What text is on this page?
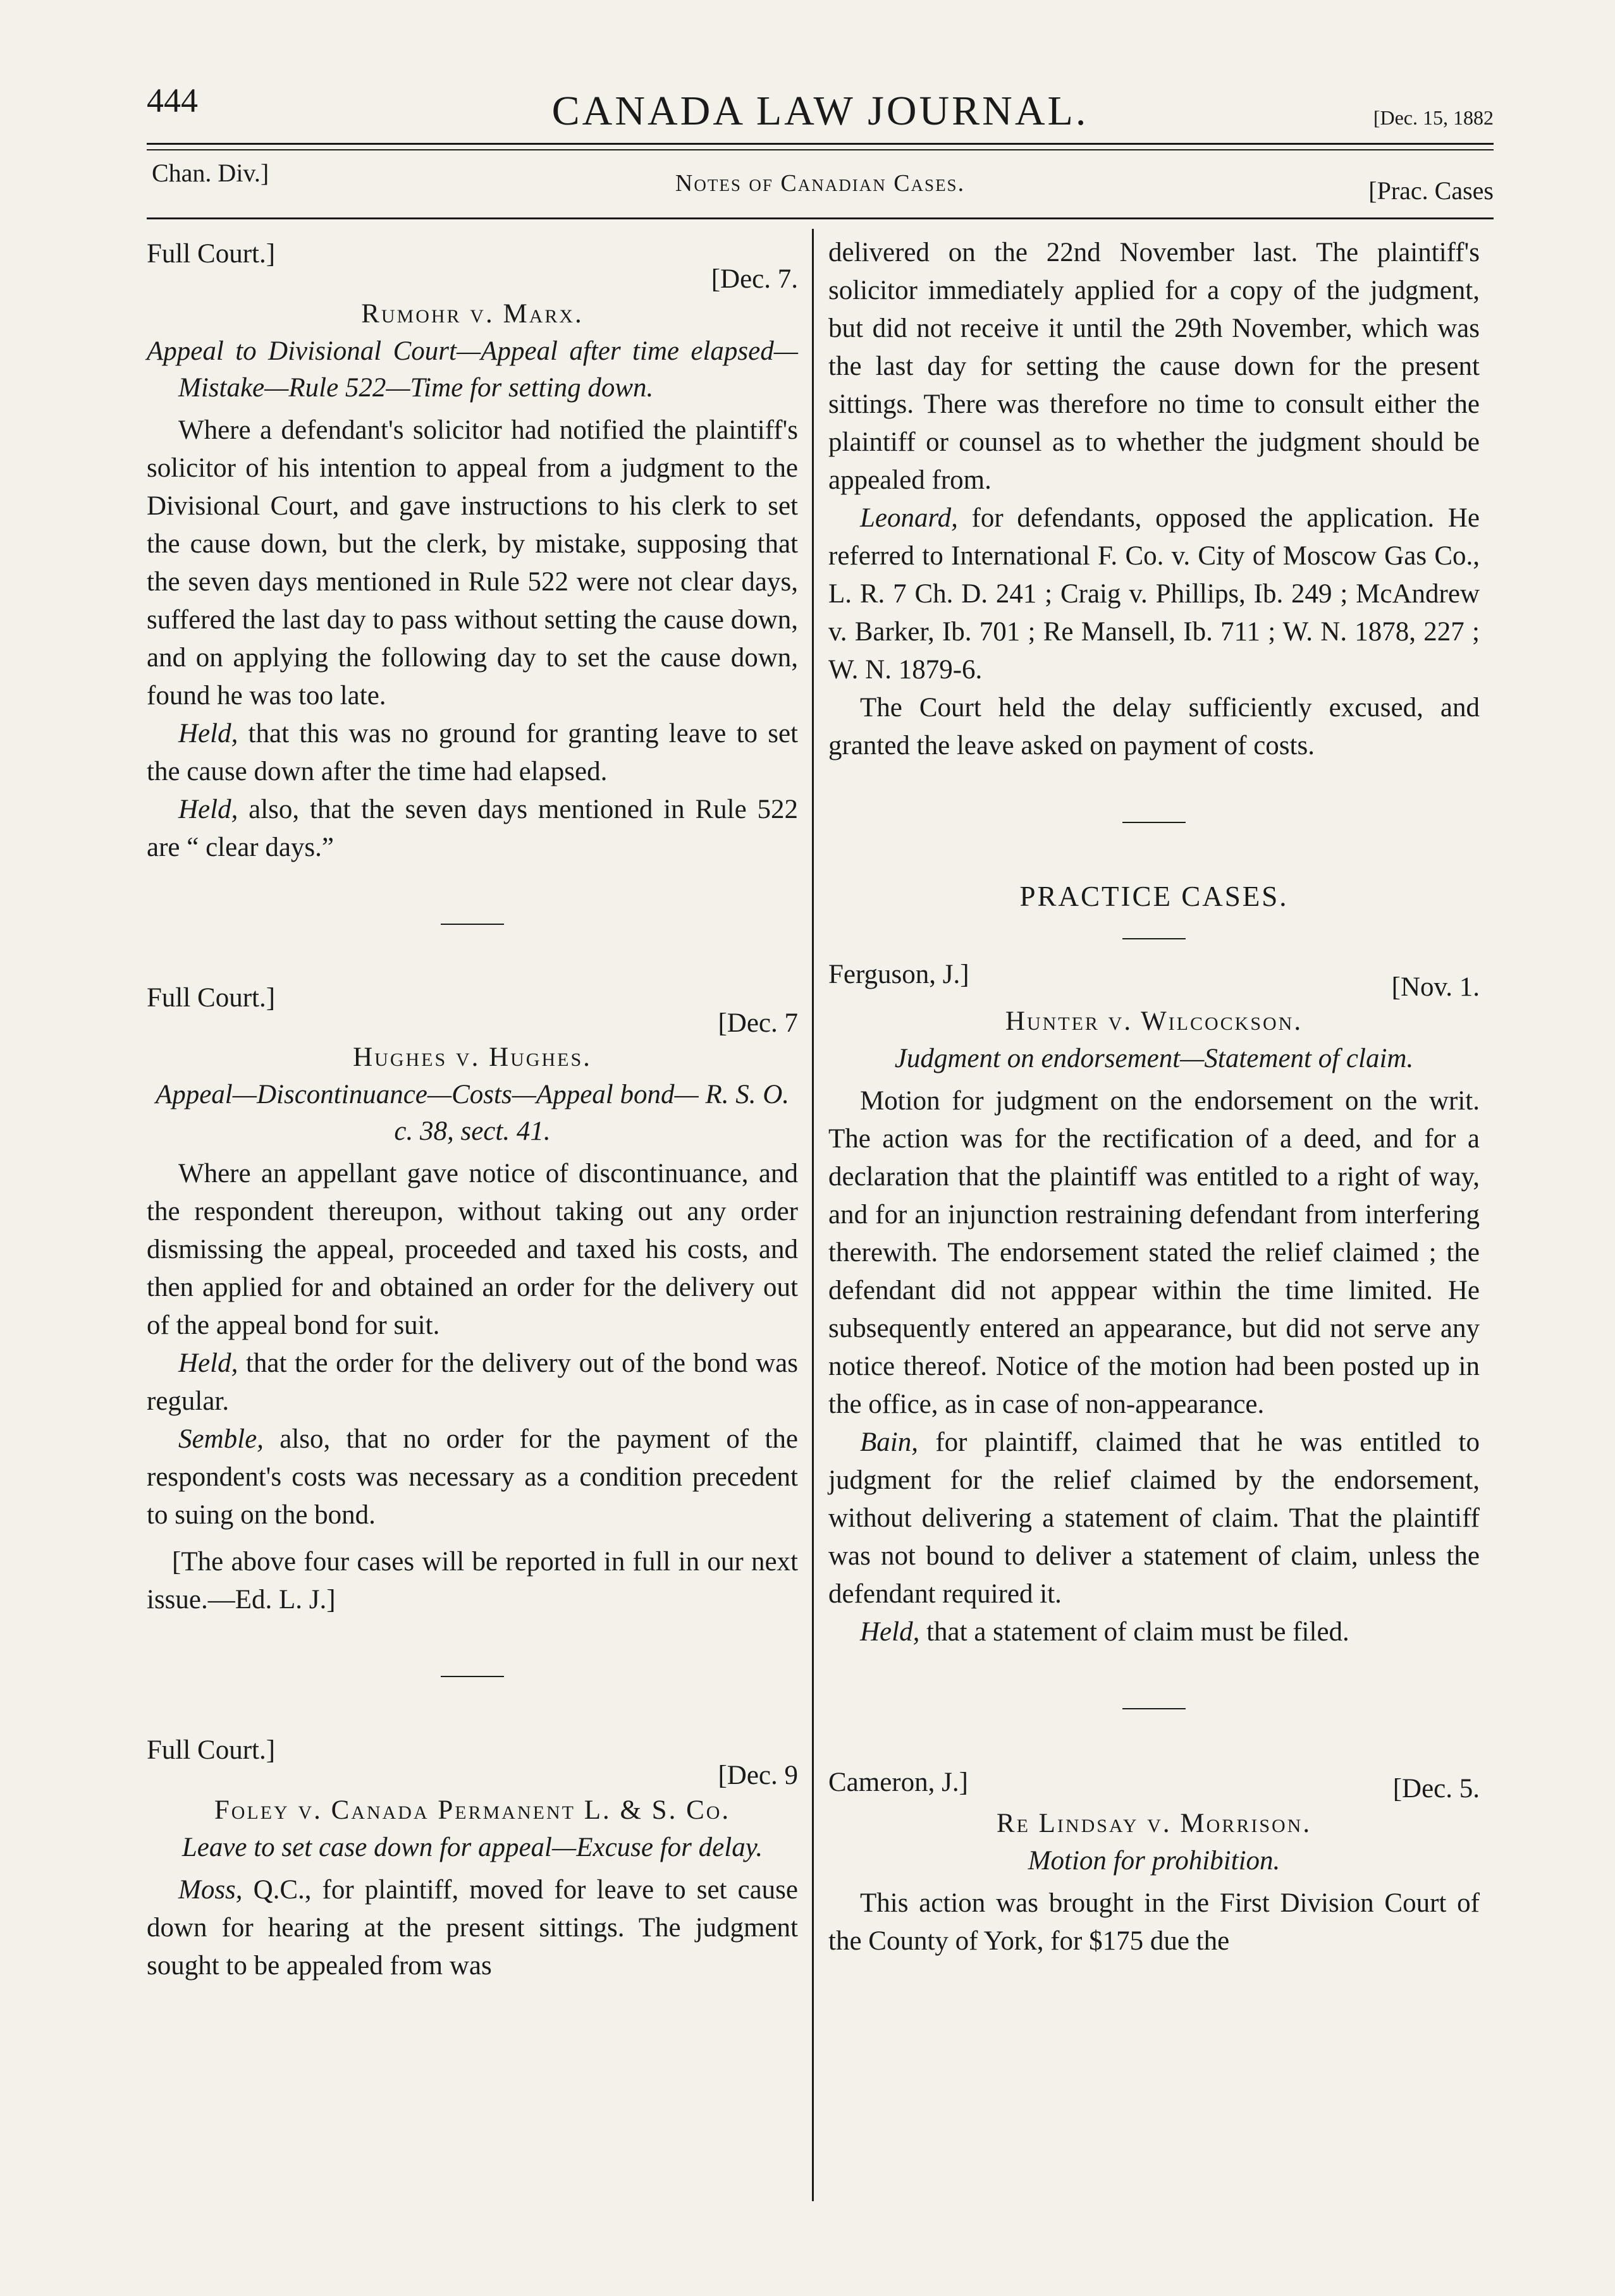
444	CANADA LAW JOURNAL.	[Dec. 15, 1882
Chan. Div.]	Notes of Canadian Cases.	[Prac. Cases
Full Court.]
[Dec. 7.
Rumohr v. Marx.
Appeal to Divisional Court—Appeal after time elapsed—Mistake—Rule 522—Time for setting down.

Where a defendant's solicitor had notified the plaintiff's solicitor of his intention to appeal from a judgment to the Divisional Court, and gave instructions to his clerk to set the cause down, but the clerk, by mistake, supposing that the seven days mentioned in Rule 522 were not clear days, suffered the last day to pass without setting the cause down, and on applying the following day to set the cause down, found he was too late.

Held, that this was no ground for granting leave to set the cause down after the time had elapsed.

Held, also, that the seven days mentioned in Rule 522 are “ clear days.”

Full Court.]
[Dec. 7
Hughes v. Hughes.
Appeal—Discontinuance—Costs—Appeal bond— R. S. O. c. 38, sect. 41.

Where an appellant gave notice of discontinuance, and the respondent thereupon, without taking out any order dismissing the appeal, proceeded and taxed his costs, and then applied for and obtained an order for the delivery out of the appeal bond for suit.

Held, that the order for the delivery out of the bond was regular.

Semble, also, that no order for the payment of the respondent's costs was necessary as a condition precedent to suing on the bond.

[The above four cases will be reported in full in our next issue.—Ed. L. J.]

Full Court.]
[Dec. 9
Foley v. Canada Permanent L. & S. Co.
Leave to set case down for appeal—Excuse for delay.

Moss, Q.C., for plaintiff, moved for leave to set cause down for hearing at the present sittings. The judgment sought to be appealed from was

delivered on the 22nd November last. The plaintiff's solicitor immediately applied for a copy of the judgment, but did not receive it until the 29th November, which was the last day for setting the cause down for the present sittings. There was therefore no time to consult either the plaintiff or counsel as to whether the judgment should be appealed from.

Leonard, for defendants, opposed the application. He referred to International F. Co. v. City of Moscow Gas Co., L. R. 7 Ch. D. 241 ; Craig v. Phillips, Ib. 249 ; McAndrew v. Barker, Ib. 701 ; Re Mansell, Ib. 711 ; W. N. 1878, 227 ; W. N. 1879-6.

The Court held the delay sufficiently excused, and granted the leave asked on payment of costs.

PRACTICE CASES.
Ferguson, J.]	[Nov. 1.
Hunter v. Wilcockson.
Judgment on endorsement—Statement of claim.

Motion for judgment on the endorsement on the writ. The action was for the rectification of a deed, and for a declaration that the plaintiff was entitled to a right of way, and for an injunction restraining defendant from interfering therewith. The endorsement stated the relief claimed ; the defendant did not apppear within the time limited. He subsequently entered an appearance, but did not serve any notice thereof. Notice of the motion had been posted up in the office, as in case of non-appearance.

Bain, for plaintiff, claimed that he was entitled to judgment for the relief claimed by the endorsement, without delivering a statement of claim. That the plaintiff was not bound to deliver a statement of claim, unless the defendant required it.

Held, that a statement of claim must be filed.

Cameron, J.]	[Dec. 5.
Re Lindsay v. Morrison.
Motion for prohibition.

This action was brought in the First Division Court of the County of York, for $175 due the
